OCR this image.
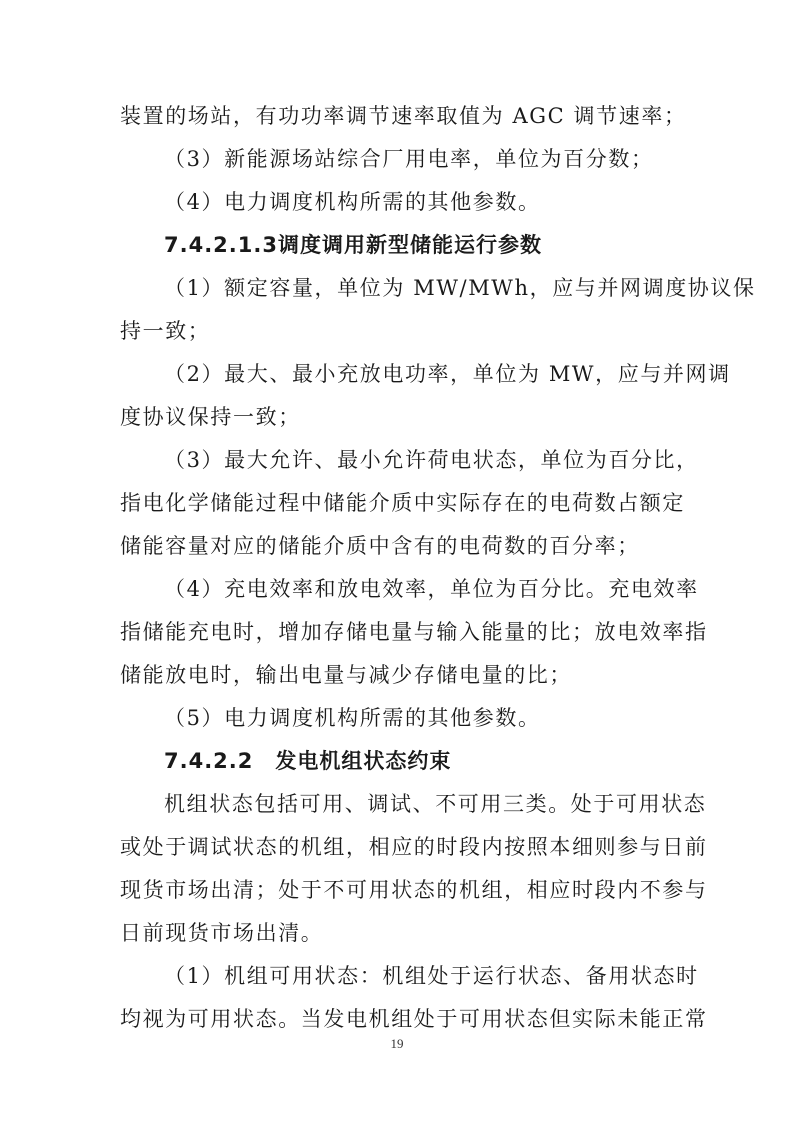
装置的场站，有功功率调节速率取值为 AGC 调节速率；
（3）新能源场站综合厂用电率，单位为百分数；
（4）电力调度机构所需的其他参数。
7.4.2.1.3调度调用新型储能运行参数
（1）额定容量，单位为 MW/MWh，应与并网调度协议保
持一致；
（2）最大、最小充放电功率，单位为 MW，应与并网调
度协议保持一致；
（3）最大允许、最小允许荷电状态，单位为百分比，
指电化学储能过程中储能介质中实际存在的电荷数占额定
储能容量对应的储能介质中含有的电荷数的百分率；
（4）充电效率和放电效率，单位为百分比。充电效率
指储能充电时，增加存储电量与输入能量的比；放电效率指
储能放电时，输出电量与减少存储电量的比；
（5）电力调度机构所需的其他参数。
7.4.2.2　发电机组状态约束
机组状态包括可用、调试、不可用三类。处于可用状态
或处于调试状态的机组，相应的时段内按照本细则参与日前
现货市场出清；处于不可用状态的机组，相应时段内不参与
日前现货市场出清。
（1）机组可用状态：机组处于运行状态、备用状态时
均视为可用状态。当发电机组处于可用状态但实际未能正常
19
